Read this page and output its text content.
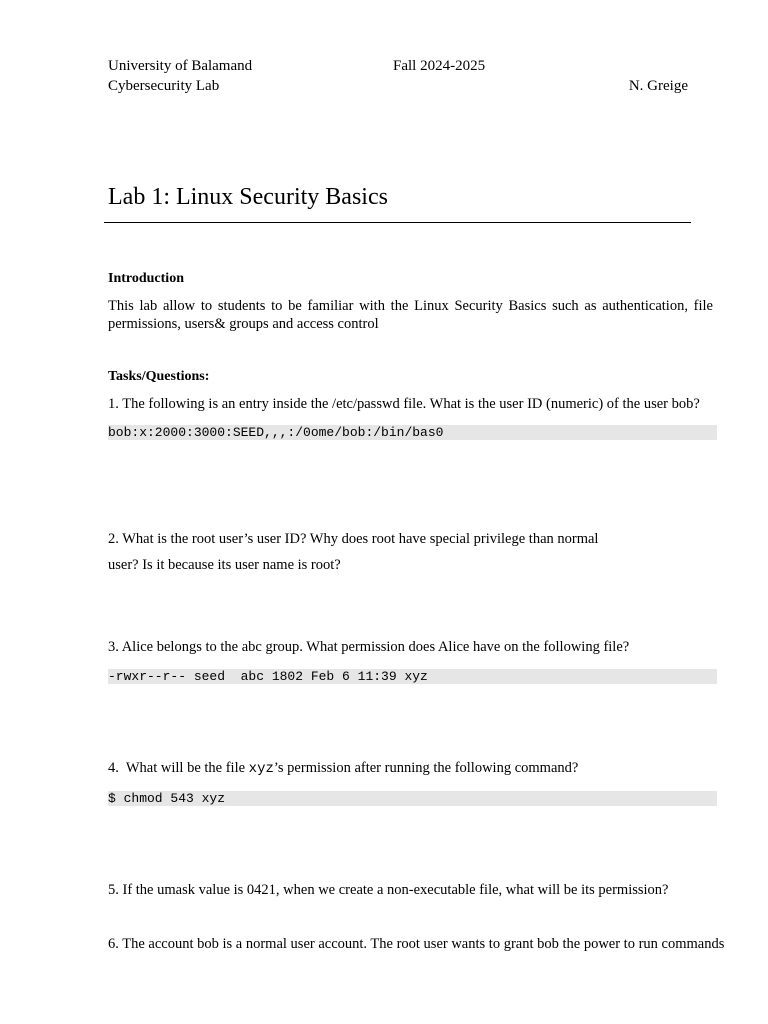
University of Balamand	Fall 2024-2025
Cybersecurity Lab	N. Greige
Lab 1: Linux Security Basics
Introduction
This lab allow to students to be familiar with the Linux Security Basics such as authentication, file permissions, users& groups and access control
Tasks/Questions:
1. The following is an entry inside the /etc/passwd file. What is the user ID (numeric) of the user bob?
bob:x:2000:3000:SEED,,,:/0ome/bob:/bin/bas0
2. What is the root user’s user ID? Why does root have special privilege than normal
user? Is it because its user name is root?
3. Alice belongs to the abc group. What permission does Alice have on the following file?
-rwxr--r-- seed  abc 1802 Feb 6 11:39 xyz
4.  What will be the file xyz’s permission after running the following command?
$ chmod 543 xyz
5. If the umask value is 0421, when we create a non-executable file, what will be its permission?
6. The account bob is a normal user account. The root user wants to grant bob the power to run commands
